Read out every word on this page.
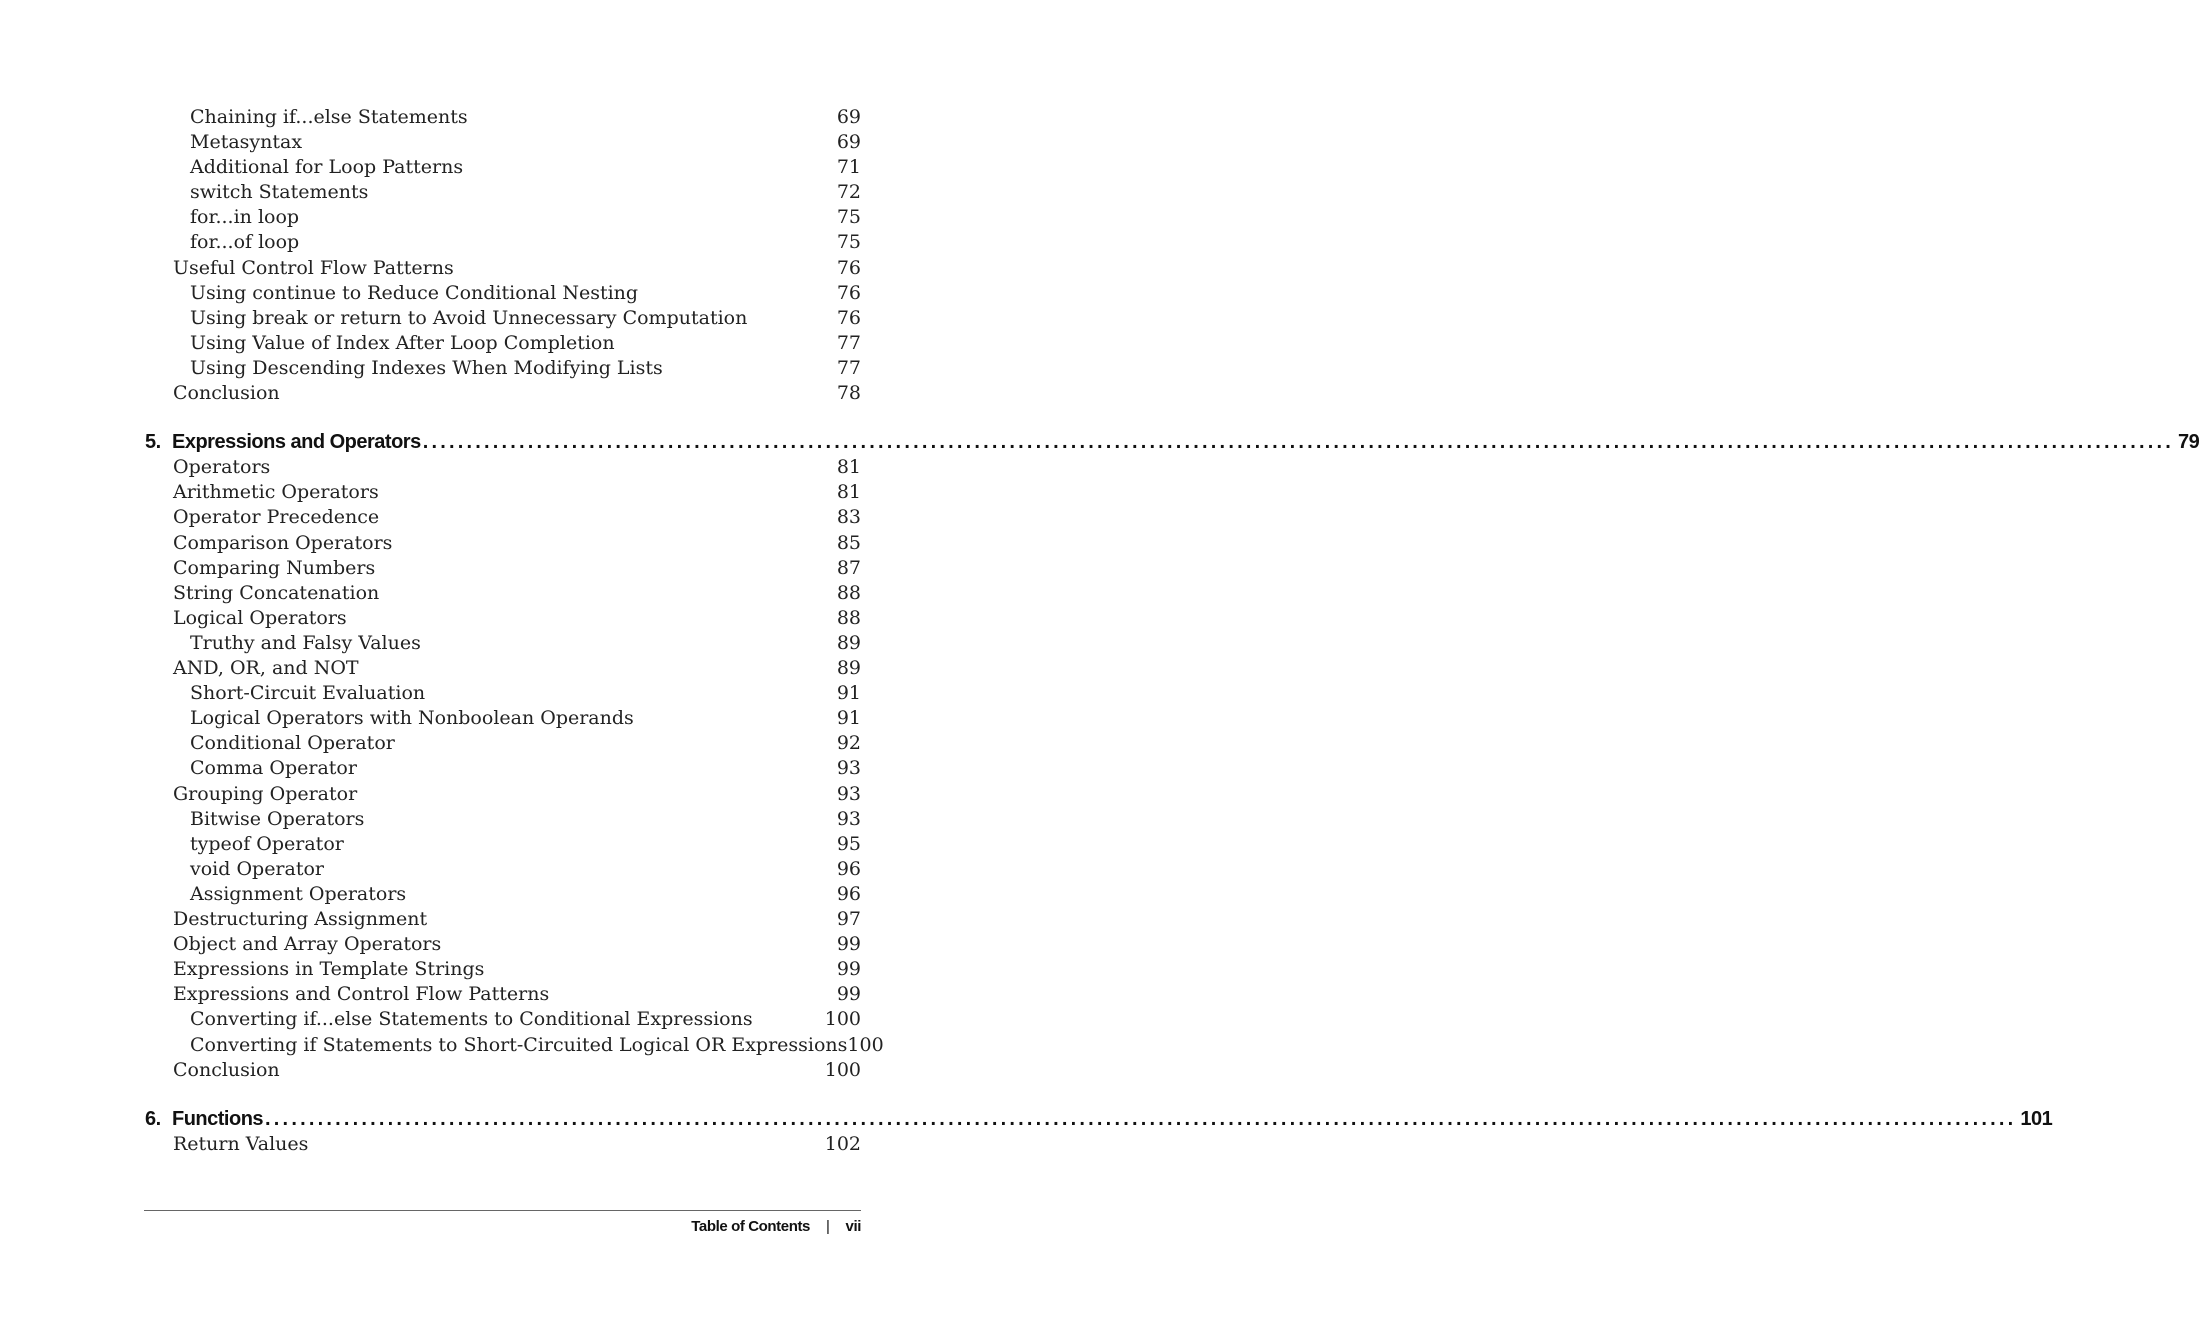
Chaining if...else Statements	69
Metasyntax	69
Additional for Loop Patterns	71
switch Statements	72
for...in loop	75
for...of loop	75
Useful Control Flow Patterns	76
Using continue to Reduce Conditional Nesting	76
Using break or return to Avoid Unnecessary Computation	76
Using Value of Index After Loop Completion	77
Using Descending Indexes When Modifying Lists	77
Conclusion	78
5. Expressions and Operators ........................................................................................................................................................................................................ 79
Operators	81
Arithmetic Operators	81
Operator Precedence	83
Comparison Operators	85
Comparing Numbers	87
String Concatenation	88
Logical Operators	88
Truthy and Falsy Values	89
AND, OR, and NOT	89
Short-Circuit Evaluation	91
Logical Operators with Nonboolean Operands	91
Conditional Operator	92
Comma Operator	93
Grouping Operator	93
Bitwise Operators	93
typeof Operator	95
void Operator	96
Assignment Operators	96
Destructuring Assignment	97
Object and Array Operators	99
Expressions in Template Strings	99
Expressions and Control Flow Patterns	99
Converting if...else Statements to Conditional Expressions	100
Converting if Statements to Short-Circuited Logical OR Expressions 100
Conclusion	100
6. Functions ........................................................................................................................................................................................................ 101
Return Values	102
Table of Contents | vii
